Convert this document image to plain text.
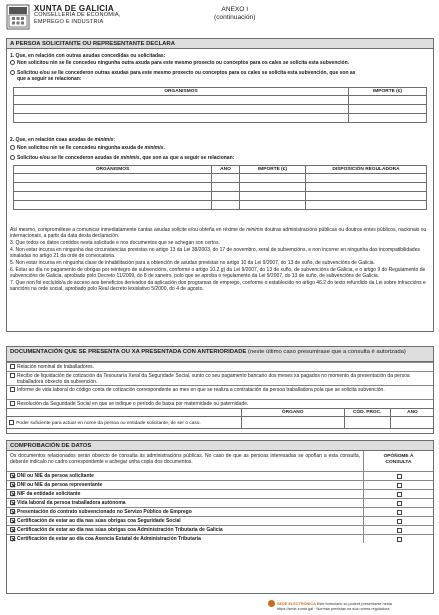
XUNTA DE GALICIA
CONSELLERÍA DE ECONOMÍA,
EMPREGO E INDUSTRIA
ANEXO I
(continuación)
A PERSOA SOLICITANTE OU REPRESENTANTE DECLARA
1. Que, en relación con outras axudas concedidas ou solicitadas:
Non solicitou nin se lle concedeu ningunha outra axuda para este mesmo proxecto ou conceptos para os cales se solicita esta subvención.
Solicitou e/ou se lle concederon outras axudas para este mesmo proxecto ou conceptos para os cales se solicita esta subvención, que son as
que a seguir se relacionan:
ORGANISMOS	IMPORTE (€)

2. Que, en relación coas axudas de minimis:
Non solicitou nin se lle concedeu ningunha axuda de minimis.
Solicitou e/ou se lle concederon axudas de minimis, que son as que a seguir se relacionan:
ORGANISMOS	ANO	IMPORTE (€)	DISPOSICIÓN REGULADORA

Así mesmo, comprométese a comunicar inmediatamente cantas axudas solicite e/ou obteña en réxime de minimis doutras administracións públicas ou doutros entes públicos, nacionais ou internacionais, a partir da data desta declaración.

3. Que todos os datos contidos nesta solicitude e nos documentos que se achegan son certos.

4. Non estar incursa en ningunha das circunstancias previstas no artigo 13 da Lei 38/2003, do 17 de novembro, xeral de subvencións, e non incorrer en ningunha das incompatibilidades sinaladas no artigo 21 da orde de convocatoria.

5. Non estar incursa en ningunha clase de inhabilitación para a obtención de axudas previstas no artigo 10 da Lei 9/2007, do 13 de xuño, de subvencións de Galicia.

6. Estar ao día no pagamento de obrigas por reintegro de subvencións, conforme o artigo 10.2.g) da Lei 9/2007, do 13 de xuño, de subvencións de Galicia, e o artigo 9 do Regulamento de subvencións de Galicia, aprobado polo Decreto 11/2009, do 8 de xaneiro, polo que se aproba o regulamento da Lei 9/2007, do 13 de xuño, de subvencións de Galicia.

7. Que non foi excluído/a do acceso aos beneficios derivados da aplicación dos programas de emprego, conforme o establecido no artigo 46.2 do texto refundido da Lei sobre infraccións e sancións na orde social, aprobado polo Real decreto lexislativo 5/2000, do 4 de agosto.

DOCUMENTACIÓN QUE SE PRESENTA OU XA PRESENTADA CON ANTERIORIDADE (neste último caso presumirase que a consulta é autorizada)
Relación nominal de traballadores.
Recibo de liquidación de cotización da Tesouraría Xeral da Seguridade Social, xunto co seu pagamento bancario dos meses xa pagados no momento da presentación da persoa traballadora obxecto da subvención.
Informe de vida laboral do código conta de cotización correspondente ao mes en que se realiza a contratación da persoa traballadora pola que se solicita subvención.
Resolución da Seguridade Social en que se indique o período de baixa por maternidade ou paternidade.
	ÓRGANO	CÓD. PROC.	ANO
Poder suficiente para actuar en nome da persoa ou entidade solicitante, de ser o caso.			
COMPROBACIÓN DE DATOS
Os documentos relacionados serán obxecto de consulta ás administracións públicas. No caso de que as persoas interesadas se opoñan a esta consulta, deberán indicalo no cadro correspondente e achegar unha copia dos documentos.
OPÓÑOME Á
CONSULTA
DNI ou NIE da persoa solicitante
DNI ou NIE da persoa representante
NIF da entidade solicitante
Vida laboral da persoa traballadora autónoma
Presentación do contrato subvencionado no Servizo Público de Emprego
Certificación de estar ao día nas súas obrigas coa Seguridade Social
Certificación de estar ao día nas súas obrigas coa Administración Tributaria de Galicia
Certificación de estar ao día coa Axencia Estatal de Administración Tributaria
SEDE ELECTRÓNICA Este formulario só poderá presentarse nesta
https://sede.xunta.gal · Normas previstas na súa norma reguladora
